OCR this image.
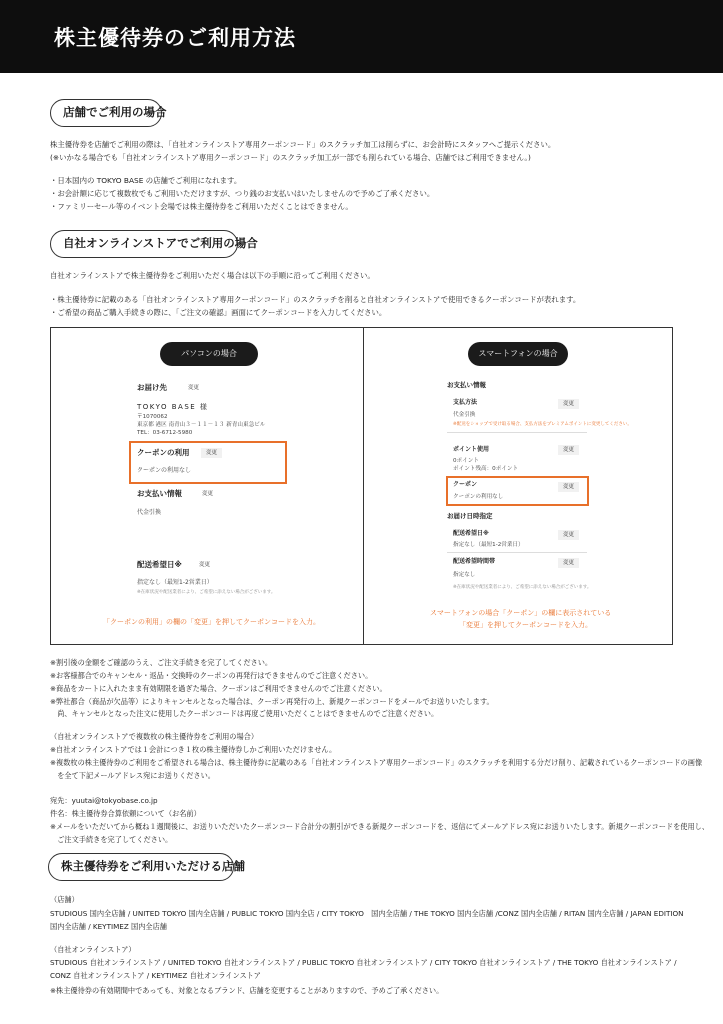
株主優待券のご利用方法
店舗でご利用の場合
株主優待券を店舗でご利用の際は、「自社オンラインストア専用クーポンコード」のスクラッチ加工は削らずに、お会計時にスタッフへご提示ください。
(※いかなる場合でも「自社オンラインストア専用クーポンコード」のスクラッチ加工が一部でも削られている場合、店舗ではご利用できません。)
・日本国内の TOKYO BASE の店舗でご利用になれます。
・お会計額に応じて複数枚でもご利用いただけますが、つり銭のお支払いはいたしませんので予めご了承ください。
・ファミリーセール等のイベント会場では株主優待券をご利用いただくことはできません。
自社オンラインストアでご利用の場合
自社オンラインストアで株主優待券をご利用いただく場合は以下の手順に沿ってご利用ください。
・株主優待券に記載のある「自社オンラインストア専用クーポンコード」のスクラッチを削ると自社オンラインストアで使用できるクーポンコードが表れます。
・ご希望の商品ご購入手続きの際に、「ご注文の確認」画面にてクーポンコードを入力してください。
パソコンの場合
お届け先	変更
TOKYO BASE 様
〒1070062
東京都 港区 南青山３－１１－１３ 新青山東急ビル
TEL：03-6712-5980
クーポンの利用	変更
クーポンの利用なし
お支払い情報	変更
代金引換
配送希望日※	変更
指定なし（最短1-2営業日）
※在庫状況や配送業者により、ご希望に添えない場合がございます。
「クーポンの利用」の欄の「変更」を押してクーポンコードを入力。
スマートフォンの場合
お支払い情報
支払方法	変更
代金引換
※配送をショップで受け取る場合、支払方法をプレミアムポイントに変更してください。
ポイント使用	変更
0ポイント
ポイント残高：0ポイント
クーポン	変更
クーポンの利用なし
お届け日時指定
配送希望日※	変更
指定なし（最短1-2営業日）
配送希望時間帯	変更
指定なし
※在庫状況や配送業者により、ご希望に添えない場合がございます。
スマートフォンの場合「クーポン」の欄に表示されている
「変更」を押してクーポンコードを入力。
※割引後の金額をご確認のうえ、ご注文手続きを完了してください。
※お客様都合でのキャンセル・返品・交換時のクーポンの再発行はできませんのでご注意ください。
※商品をカートに入れたまま有効期限を過ぎた場合、クーポンはご利用できませんのでご注意ください。
※弊社都合（商品が欠品等）によりキャンセルとなった場合は、クーポン再発行の上、新規クーポンコードをメールでお送りいたします。
　尚、キャンセルとなった注文に使用したクーポンコードは再度ご使用いただくことはできませんのでご注意ください。
（自社オンラインストアで複数枚の株主優待券をご利用の場合）
※自社オンラインストアでは１会計につき１枚の株主優待券しかご利用いただけません。
※複数枚の株主優待券のご利用をご希望される場合は、株主優待券に記載のある「自社オンラインストア専用クーポンコード」のスクラッチを利用する分だけ削り、記載されているクーポンコードの画像
　を全て下記メールアドレス宛にお送りください。
宛先：yuutai@tokyobase.co.jp
件名：株主優待券合算依頼について（お名前）
※メールをいただいてから概ね１週間後に、お送りいただいたクーポンコード合計分の割引ができる新規クーポンコードを、返信にてメールアドレス宛にお送りいたします。新規クーポンコードを使用し、
　ご注文手続きを完了してください。
株主優待券をご利用いただける店舗
（店舗）
STUDIOUS 国内全店舗 / UNITED TOKYO 国内全店舗 / PUBLIC TOKYO 国内全店 / CITY TOKYO　国内全店舗 / THE TOKYO 国内全店舗 /CONZ 国内全店舗 / RITAN 国内全店舗 / JAPAN EDITION
国内全店舗 / KEYTIMEZ 国内全店舗
（自社オンラインストア）
STUDIOUS 自社オンラインストア / UNITED TOKYO 自社オンラインストア / PUBLIC TOKYO 自社オンラインストア / CITY TOKYO 自社オンラインストア / THE TOKYO 自社オンラインストア /
CONZ 自社オンラインストア / KEYTIMEZ 自社オンラインストア
※株主優待券の有効期間中であっても、対象となるブランド、店舗を変更することがありますので、予めご了承ください。
